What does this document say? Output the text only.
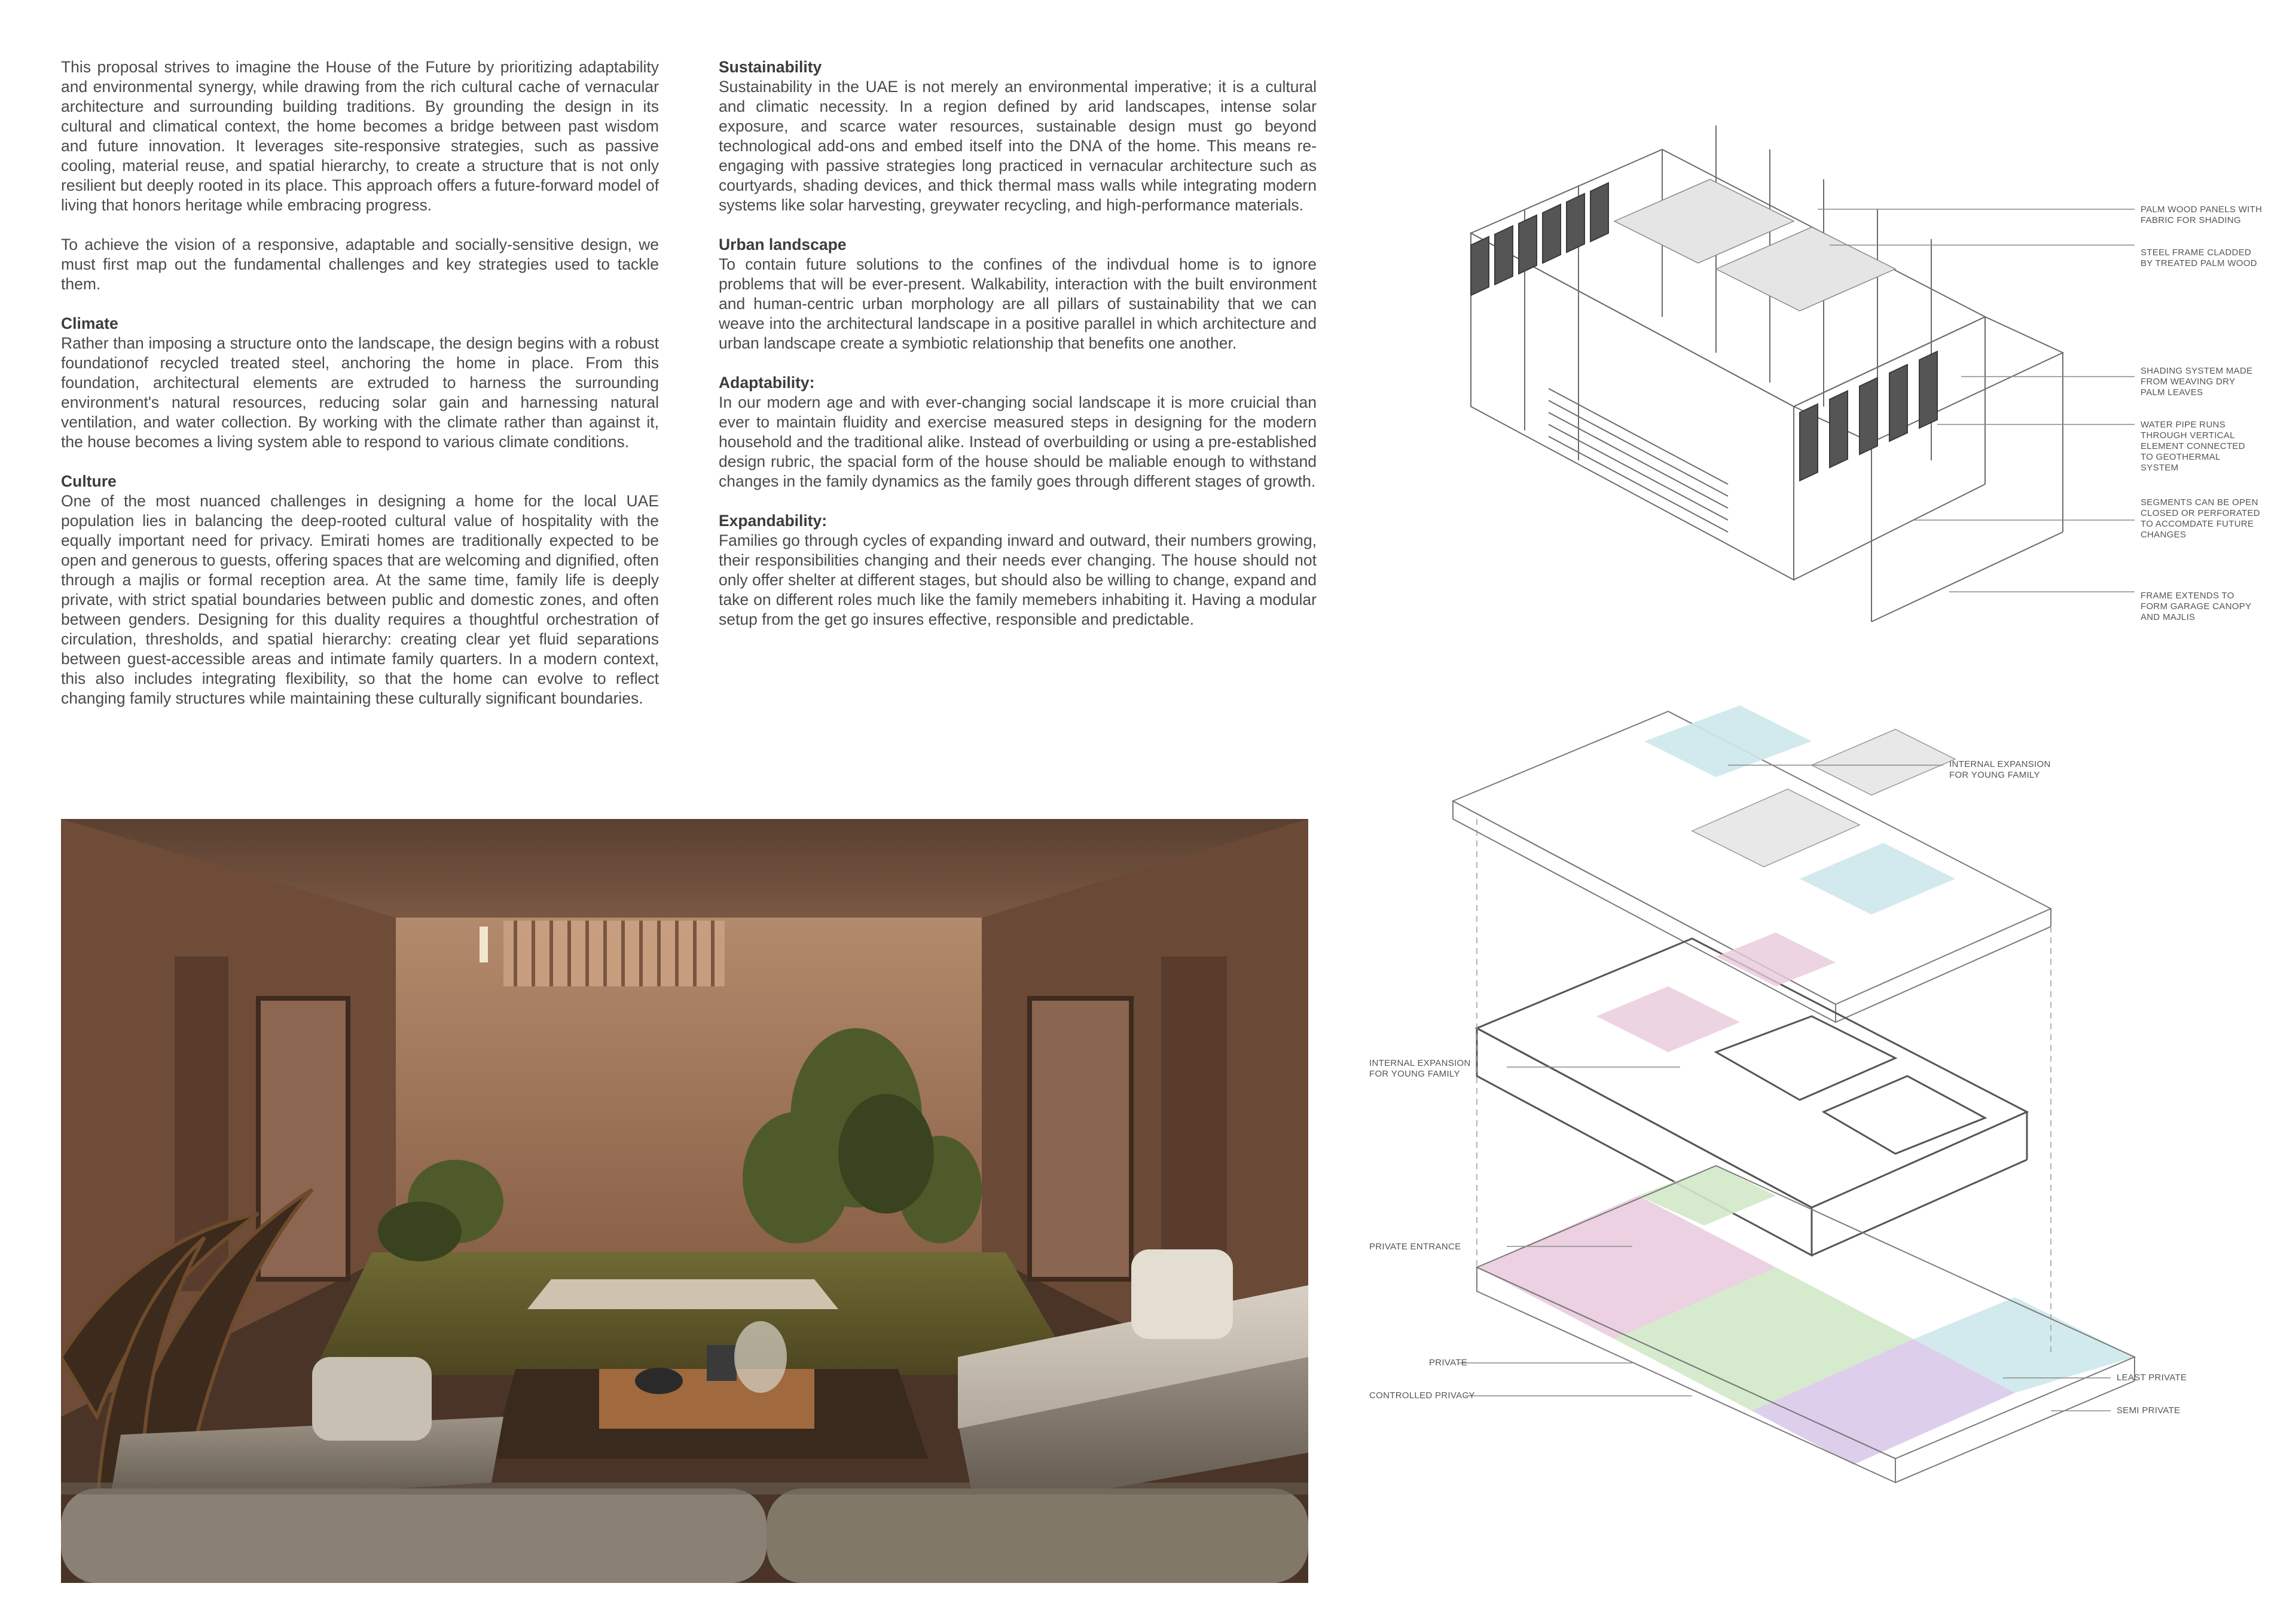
This proposal strives to imagine the House of the Future by prioritizing adaptability and environmental synergy, while drawing from the rich cultural cache of vernacular architecture and surrounding building traditions. By grounding the design in its cultural and climatical context, the home becomes a bridge between past wisdom and future innovation. It leverages site-responsive strategies, such as passive cooling, material reuse, and spatial hierarchy, to create a structure that is not only resilient but deeply rooted in its place. This approach offers a future-forward model of living that honors heritage while embracing progress.

To achieve the vision of a responsive, adaptable and socially-sensitive design, we must first map out the fundamental challenges and key strategies used to tackle them.

Climate

Rather than imposing a structure onto the landscape, the design begins with a robust foundationof recycled treated steel, anchoring the home in place. From this foundation, architectural elements are extruded to harness the surrounding environment's natural resources, reducing solar gain and harnessing natural ventilation, and water collection. By working with the climate rather than against it, the house becomes a living system able to respond to various climate conditions.

Culture

One of the most nuanced challenges in designing a home for the local UAE population lies in balancing the deep-rooted cultural value of hospitality with the equally important need for privacy. Emirati homes are traditionally expected to be open and generous to guests, offering spaces that are welcoming and dignified, often through a majlis or formal reception area. At the same time, family life is deeply private, with strict spatial boundaries between public and domestic zones, and often between genders. Designing for this duality requires a thoughtful orchestration of circulation, thresholds, and spatial hierarchy: creating clear yet fluid separations between guest-accessible areas and intimate family quarters. In a modern context, this also includes integrating flexibility, so that the home can evolve to reflect changing family structures while maintaining these culturally significant boundaries.

Sustainability

Sustainability in the UAE is not merely an environmental imperative; it is a cultural and climatic necessity. In a region defined by arid landscapes, intense solar exposure, and scarce water resources, sustainable design must go beyond technological add-ons and embed itself into the DNA of the home. This means re-engaging with passive strategies long practiced in vernacular architecture such as courtyards, shading devices, and thick thermal mass walls while integrating modern systems like solar harvesting, greywater recycling, and high-performance materials.

Urban landscape

To contain future solutions to the confines of the indivdual home is to ignore problems that will be ever-present. Walkability, interaction with the built environment and human-centric urban morphology are all pillars of sustainability that we can weave into the architectural landscape in a positive parallel in which architecture and urban landscape create a symbiotic relationship that benefits one another.

Adaptability:

In our modern age and with ever-changing social landscape it is more cruicial than ever to maintain fluidity and exercise measured steps in designing for the modern household and the traditional alike. Instead of overbuilding or using a pre-established design rubric, the spacial form of the house should be maliable enough to withstand changes in the family dynamics as the family goes through different stages of growth.

Expandability:

Families go through cycles of expanding inward and outward, their numbers growing, their responsibilities changing and their needs ever changing. The house should not only offer shelter at different stages, but should also be willing to change, expand and take on different roles much like the family memebers inhabiting it. Having a modular setup from the get go insures effective, responsible and predictable.

PALM WOOD PANELS WITH
FABRIC FOR SHADING
STEEL FRAME CLADDED
BY TREATED PALM WOOD
SHADING SYSTEM MADE
FROM WEAVING DRY
PALM LEAVES
WATER PIPE RUNS
THROUGH VERTICAL
ELEMENT CONNECTED
TO GEOTHERMAL
SYSTEM
SEGMENTS CAN BE OPEN
CLOSED OR PERFORATED
TO ACCOMDATE FUTURE
CHANGES
FRAME EXTENDS TO
FORM GARAGE CANOPY
AND MAJLIS
INTERNAL EXPANSION
FOR YOUNG FAMILY
INTERNAL EXPANSION
FOR YOUNG FAMILY
PRIVATE ENTRANCE
PRIVATE
CONTROLLED PRIVACY
LEAST PRIVATE
SEMI PRIVATE
